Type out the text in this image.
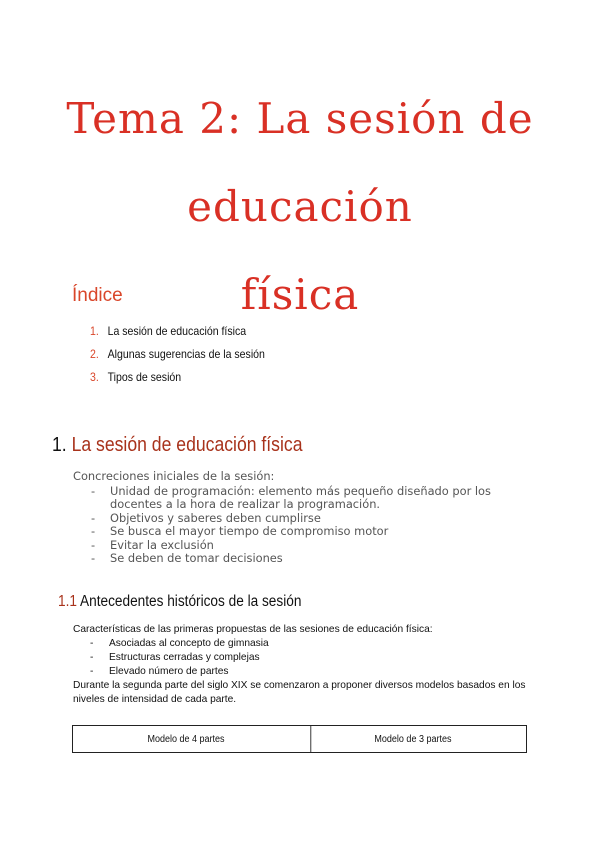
Tema 2: La sesión de educación
física
Índice
1. La sesión de educación física
2. Algunas sugerencias de la sesión
3. Tipos de sesión
1. La sesión de educación física

Concreciones iniciales de la sesión:

- Unidad de programación: elemento más pequeño diseñado por los docentes a la hora de realizar la programación.
- Objetivos y saberes deben cumplirse
- Se busca el mayor tiempo de compromiso motor
- Evitar la exclusión
- Se deben de tomar decisiones
1.1 Antecedentes históricos de la sesión

Características de las primeras propuestas de las sesiones de educación física:

- Asociadas al concepto de gimnasia
- Estructuras cerradas y complejas
- Elevado número de partes

Durante la segunda parte del siglo XIX se comenzaron a proponer diversos modelos basados en los niveles de intensidad de cada parte.

Modelo de 4 partes	Modelo de 3 partes
